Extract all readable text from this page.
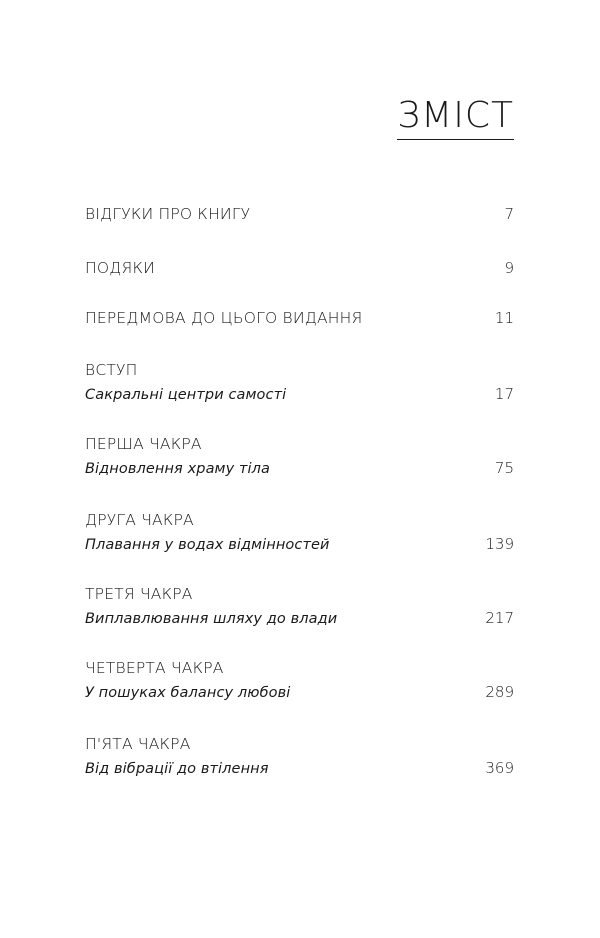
ЗМІСТ
ВІДГУКИ ПРО КНИГУ	7
ПОДЯКИ	9
ПЕРЕДМОВА ДО ЦЬОГО ВИДАННЯ	11
ВСТУП
Сакральні центри самості	17
ПЕРША ЧАКРА
Відновлення храму тіла	75
ДРУГА ЧАКРА
Плавання у водах відмінностей	139
ТРЕТЯ ЧАКРА
Виплавлювання шляху до влади	217
ЧЕТВЕРТА ЧАКРА
У пошуках балансу любові	289
П'ЯТА ЧАКРА
Від вібрації до втілення	369
